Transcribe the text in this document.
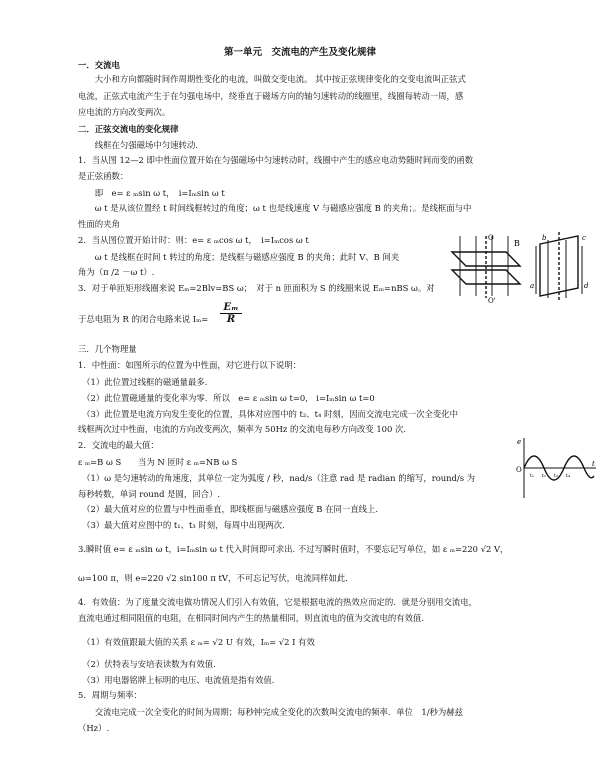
第一单元　交流电的产生及变化规律
一．交流电
　　大小和方向都随时间作周期性变化的电流，叫做交变电流。 其中按正弦规律变化的交变电流叫正弦式
电流，正弦式电流产生于在匀强电场中，绕垂直于磁场方向的轴匀速转动的线圈里，线圈每转动一周，感
应电流的方向改变两次。
二．正弦交流电的变化规律
　　线框在匀强磁场中匀速转动.
1．当从图 12—2 即中性面位置开始在匀强磁场中匀速转动时，线圈中产生的感应电动势随时间而变的函数
是正弦函数：
　　即　e= ε ₘsin ω t，　i=Iₘsin ω t
　　ω t 是从该位置经 t 时间线框转过的角度；ω t 也是线速度 V 与磁感应强度 B 的夹角；。是线框面与中
性面的夹角
2．当从图位置开始计时：则：e= ε ₘcos ω t，　i=Iₘcos ω t
　　ω t 是线框在时间 t 转过的角度；是线框与磁感应强度 B 的夹角；此时 V、B 间夹
角为（π /2 －ω t）.
3．对于单匝矩形线圈来说 Eₘ=2Blv=BS ω；　对于 n 匝面积为 S 的线圈来说 Eₘ=nBS ω。对
于总电阻为 R 的闭合电路来说 $I_m= \frac{\text{Eₘ}}{R}$
三．几个物理量
1．中性面：如图所示的位置为中性面，对它进行以下说明：
　（1）此位置过线框的磁通量最多.
　（2）此位置磁通量的变化率为零．所以　e= ε ₘsin ω t=0,　i=Iₘsin ω t=0
　（3）此位置是电流方向发生变化的位置，具体对应图中的 t₂、t₄ 时刻，因而交流电完成一次全变化中
线框两次过中性面，电流的方向改变两次，频率为 50Hz 的交流电每秒方向改变 100 次.
2．交流电的最大值：
ε ₘ=B ω S　　当为 N 匝时 ε ₘ=NB ω S
　（1）ω 是匀速转动的角速度，其单位一定为弧度 / 秒，nad/s（注意 rad 是 radian 的缩写，round/s 为
每秒转数，单词 round 是圆，回合）.
　（2）最大值对应的位置与中性面垂直，即线框面与磁感应强度 B 在同一直线上.
　（3）最大值对应图中的 t₁、t₃ 时刻，每周中出现两次.
3.瞬时值 e= ε ₘsin ω t，i=Iₘsin ω t 代入时间即可求出. 不过写瞬时值时，不要忘记写单位，如 ε ₘ=220 √2 V，
ω=100 π，则 e=220 √2 sin100 π tV，不可忘记写伏，电流同样如此.
4．有效值：为了度量交流电做功情况人们引入有效值，它是根据电流的热效应而定的．就是分别用交流电，
直流电通过相同阻值的电阻，在相同时间内产生的热量相同，则直流电的值为交流电的有效值.
　（1）有效值跟最大值的关系 ε ₘ= √2 U 有效，Iₘ= √2 I 有效
　（2）伏特表与安培表读数为有效值.
　（3）用电器铭牌上标明的电压、电流值是指有效值.
5．周期与频率：
　　交流电完成一次全变化的时间为周期；每秒钟完成全变化的次数叫交流电的频率．单位　1/秒为赫兹
（Hz）.
B
O
O'
b	c
a	d
e
O
t
t₁ t₂ t₃ t₄
